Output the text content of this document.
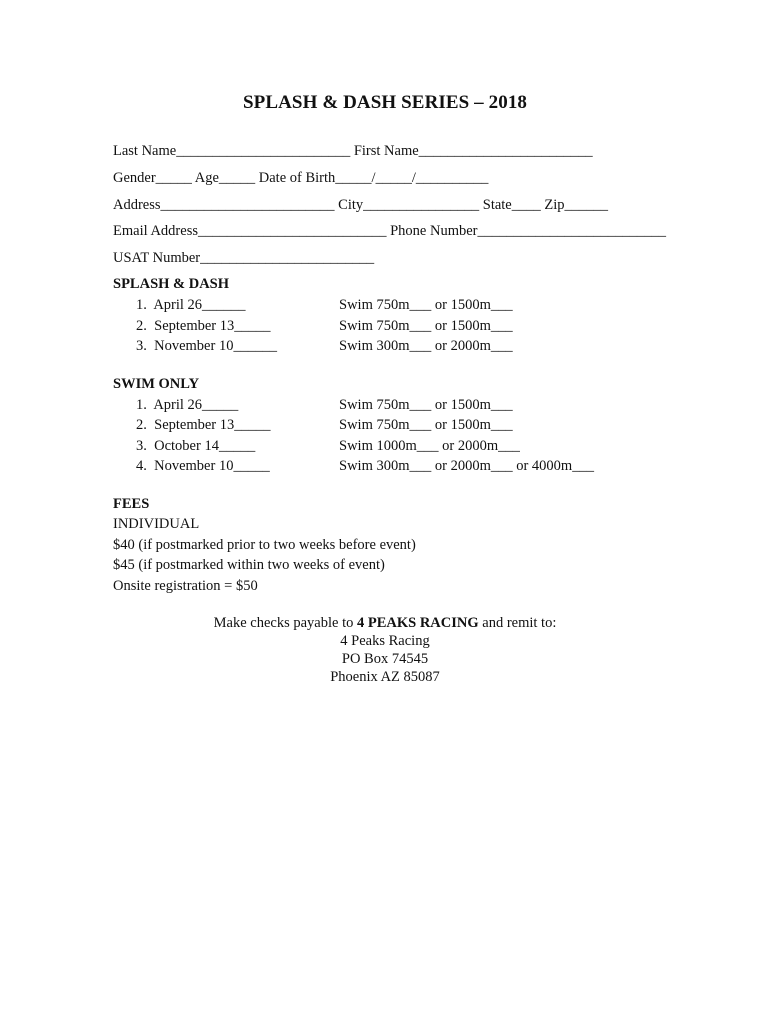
SPLASH & DASH SERIES – 2018
Last Name________________________ First Name________________________
Gender_____ Age_____ Date of Birth_____/_____/__________
Address________________________ City________________ State____ Zip______
Email Address__________________________ Phone Number__________________________
USAT Number________________________
SPLASH & DASH
1.  April 26______	Swim 750m___ or 1500m___
2.  September 13_____	Swim 750m___ or 1500m___
3.  November 10______	Swim 300m___ or 2000m___
SWIM ONLY
1.  April 26_____	Swim 750m___ or 1500m___
2.  September 13_____	Swim 750m___ or 1500m___
3.  October 14_____	Swim 1000m___ or 2000m___
4.  November 10_____	Swim 300m___ or 2000m___ or 4000m___
FEES
INDIVIDUAL
$40 (if postmarked prior to two weeks before event)
$45 (if postmarked within two weeks of event)
Onsite registration = $50
Make checks payable to 4 PEAKS RACING and remit to:
4 Peaks Racing
PO Box 74545
Phoenix AZ 85087
